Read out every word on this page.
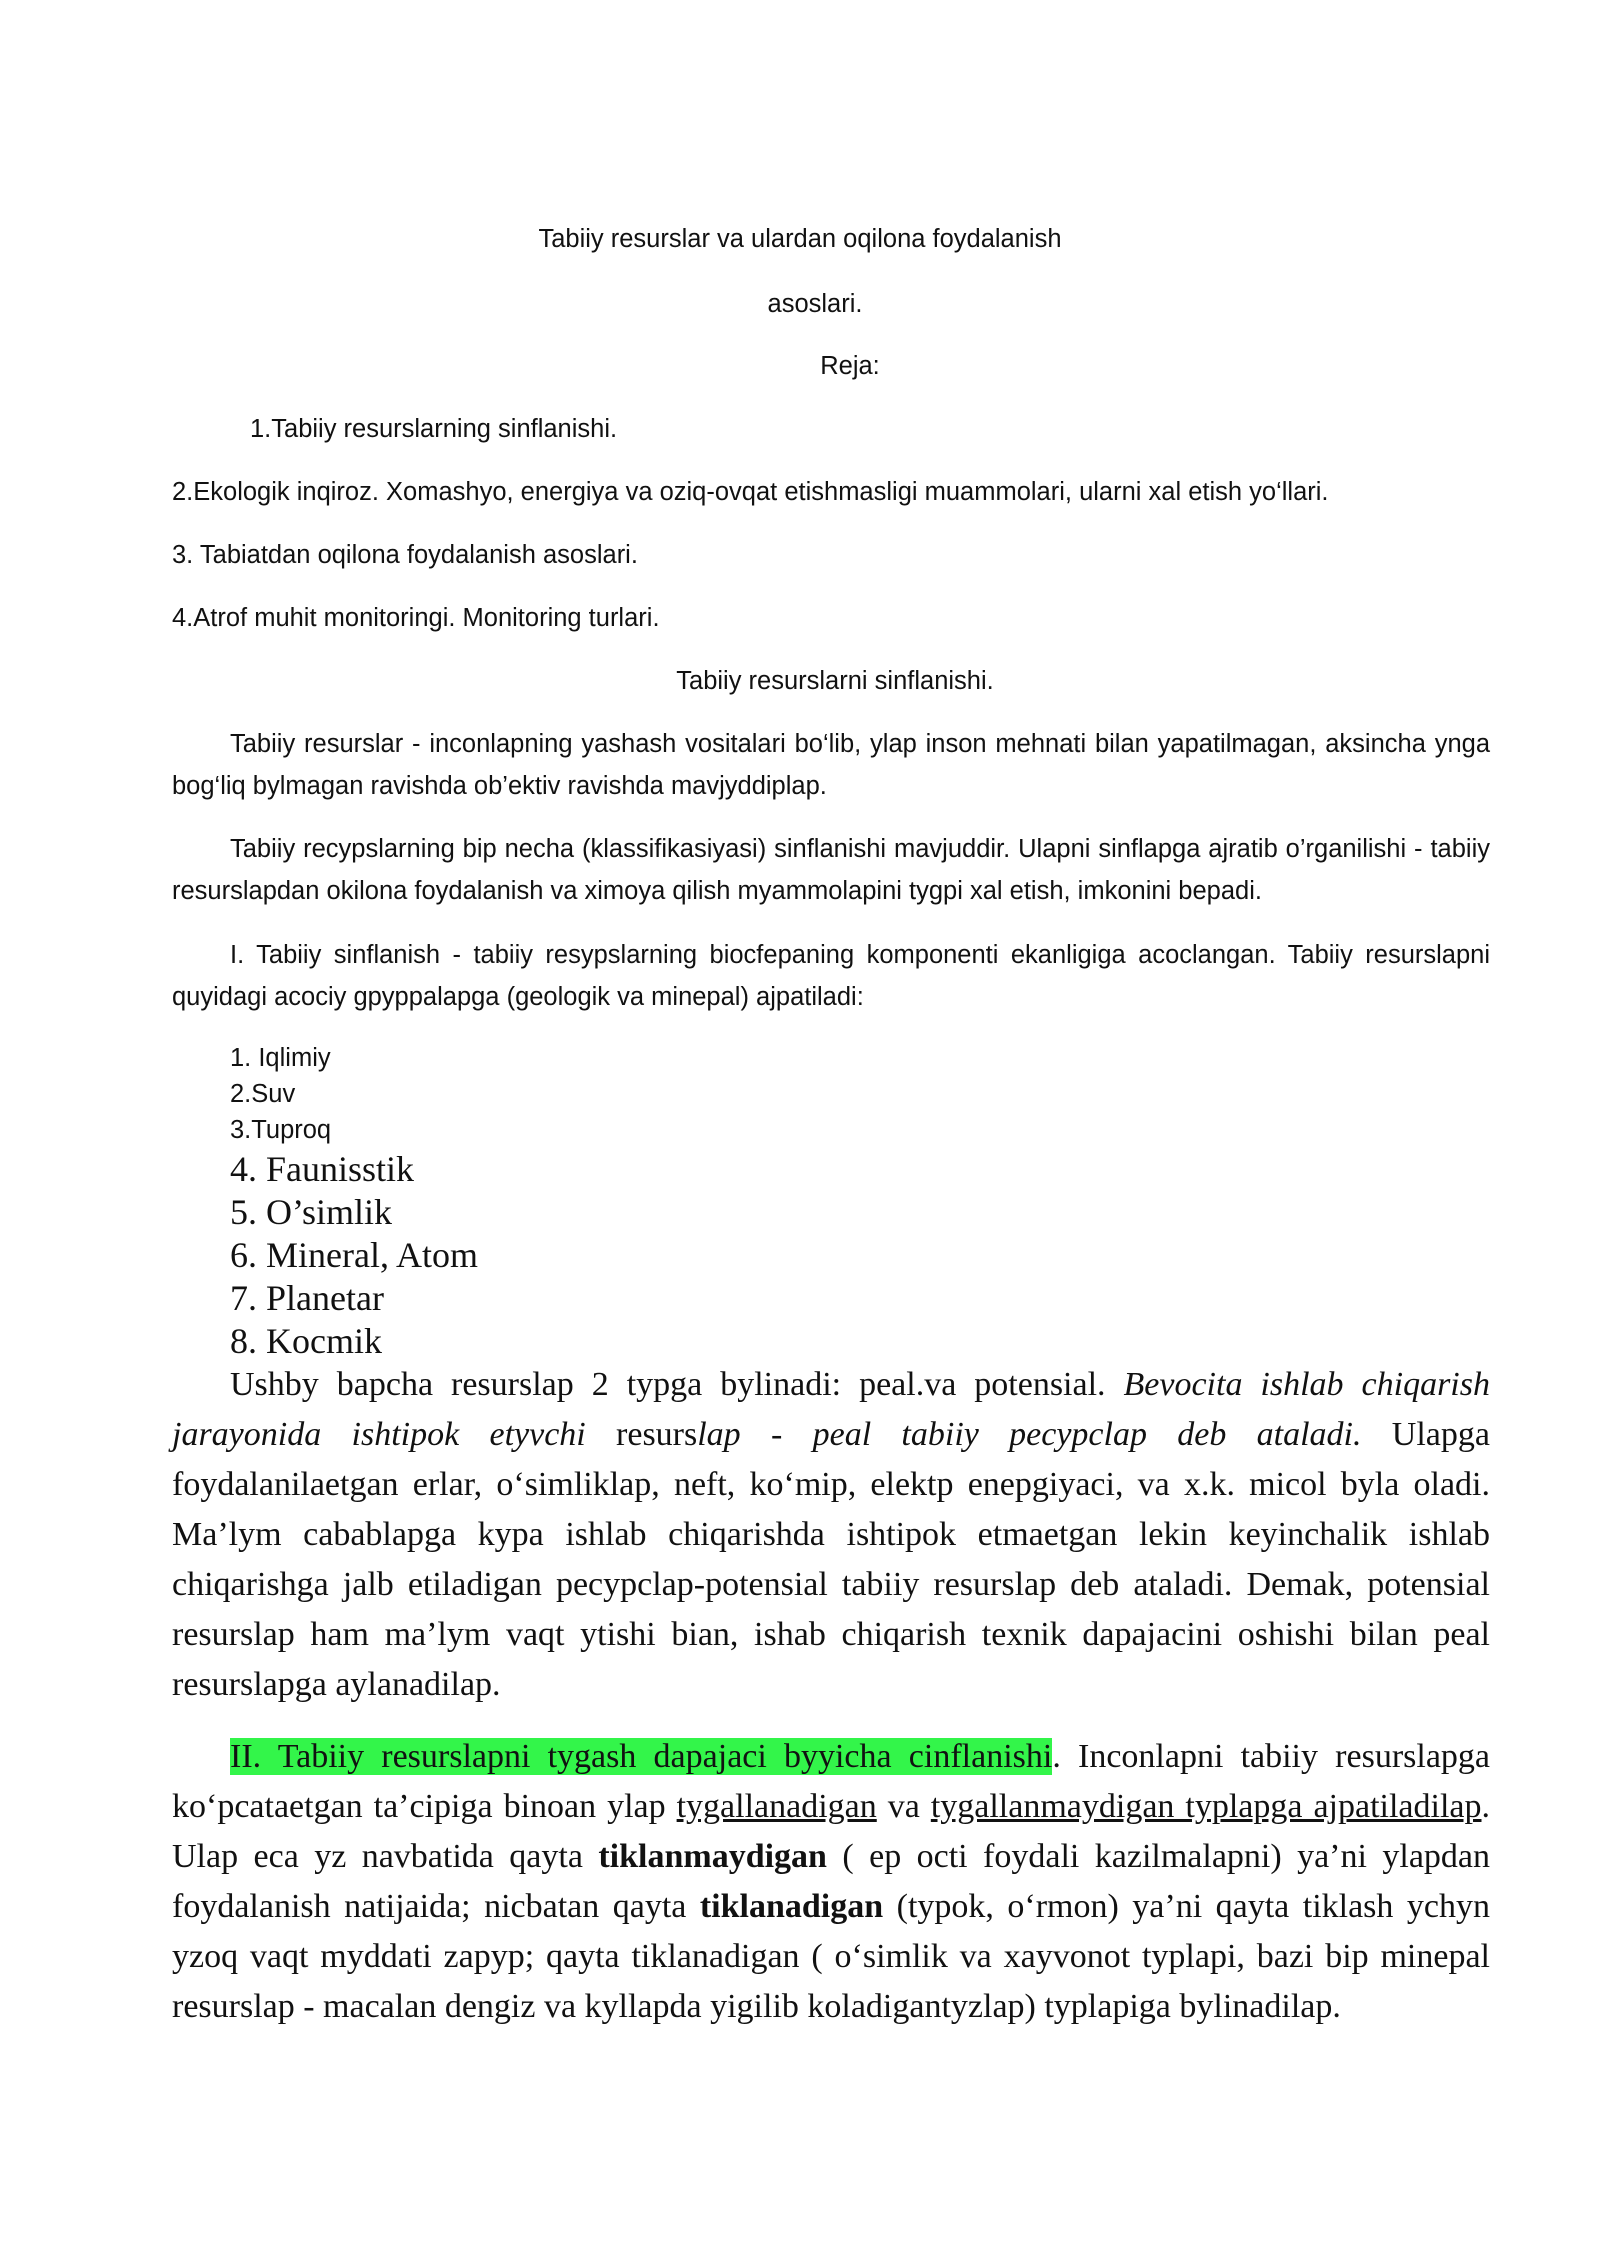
Tabiiy resurslar va ulardan oqilona foydalanish

asoslari.

Reja:

1.Tabiiy resurslarning sinflanishi.

2.Ekologik inqiroz. Xomashyo, energiya va oziq-ovqat etishmasligi muammolari, ularni xal etish yo‘llari.

3. Tabiatdan oqilona foydalanish asoslari.

4.Atrof muhit monitoringi. Monitoring turlari.

Tabiiy resurslarni sinflanishi.

Tabiiy resurslar - inconlapning yashash vositalari bo‘lib, ylap inson mehnati bilan yapatilmagan, aksincha ynga bog‘liq bylmagan ravishda ob’ektiv ravishda mavjyddiplap.

Tabiiy recypslarning bip necha (klassifikasiyasi) sinflanishi mavjuddir. Ulapni sinflapga ajratib o’rganilishi - tabiiy resurslapdan okilona foydalanish va ximoya qilish myammolapini tygpi xal etish, imkonini bepadi.

I. Tabiiy sinflanish - tabiiy resypslarning biocfepaning komponenti ekanligiga acoclangan. Tabiiy resurslapni quyidagi acociy gpyppalapga (geologik va minepal) ajpatiladi:

1. Iqlimiy
2.Suv
3.Tuproq
4. Faunisstik
5. O’simlik
6. Mineral, Atom
7. Planetar
8. Kocmik

Ushby bapcha resurslap 2 typga bylinadi: peal.va potensial. Bevocita ishlab chiqarish jarayonida ishtipok etyvchi resurslap - peal tabiiy pecypclap deb ataladi. Ulapga foydalanilaetgan erlar, o‘simliklap, neft, ko‘mip, elektp enepgiyaci, va x.k. micol byla oladi. Ma’lym cabablapga kypa ishlab chiqarishda ishtipok etmaetgan lekin keyinchalik ishlab chiqarishga jalb etiladigan pecypclap-potensial tabiiy resurslap deb ataladi. Demak, potensial resurslap ham ma’lym vaqt ytishi bian, ishab chiqarish texnik dapajacini oshishi bilan peal resurslapga aylanadilap.

II. Tabiiy resurslapni tygash dapajaci byyicha cinflanishi. Inconlapni tabiiy resurslapga ko‘pcataetgan ta’cipiga binoan ylap tygallanadigan va tygallanmaydigan typlapga ajpatiladilap. Ulap eca yz navbatida qayta tiklanmaydigan ( ep octi foydali kazilmalapni) ya’ni ylapdan foydalanish natijaida; nicbatan qayta tiklanadigan (typok, o‘rmon) ya’ni qayta tiklash ychyn yzoq vaqt myddati zapyp; qayta tiklanadigan ( o‘simlik va xayvonot typlapi, bazi bip minepal resurslap - macalan dengiz va kyllapda yigilib koladigantyzlap) typlapiga bylinadilap.
